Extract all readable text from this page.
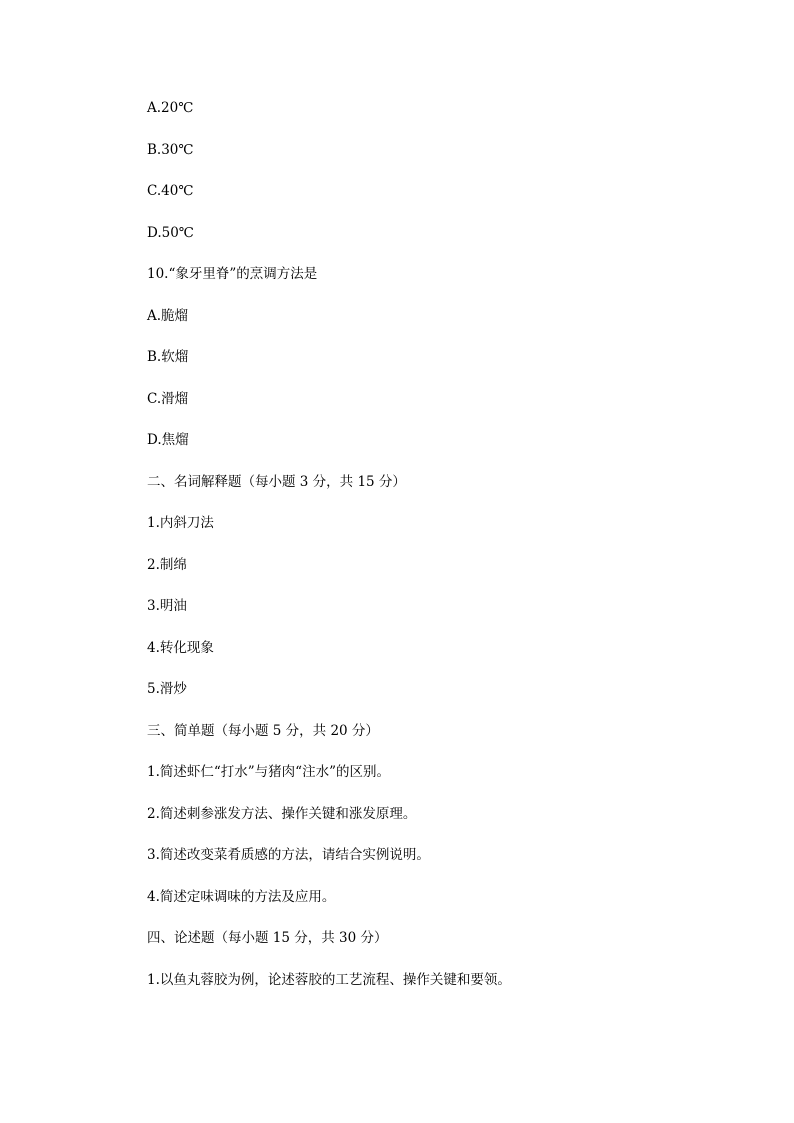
A.20℃

B.30℃

C.40℃

D.50℃

10.“象牙里脊”的烹调方法是

A.脆熘

B.软熘

C.滑熘

D.焦熘

二、名词解释题（每小题 3 分，共 15 分）

1.内斜刀法

2.制绵

3.明油

4.转化现象

5.滑炒

三、简单题（每小题 5 分，共 20 分）

1.简述虾仁“打水”与猪肉“注水”的区别。

2.简述刺参涨发方法、操作关键和涨发原理。

3.简述改变菜肴质感的方法，请结合实例说明。

4.简述定味调味的方法及应用。

四、论述题（每小题 15 分，共 30 分）

1.以鱼丸蓉胶为例，论述蓉胶的工艺流程、操作关键和要领。
